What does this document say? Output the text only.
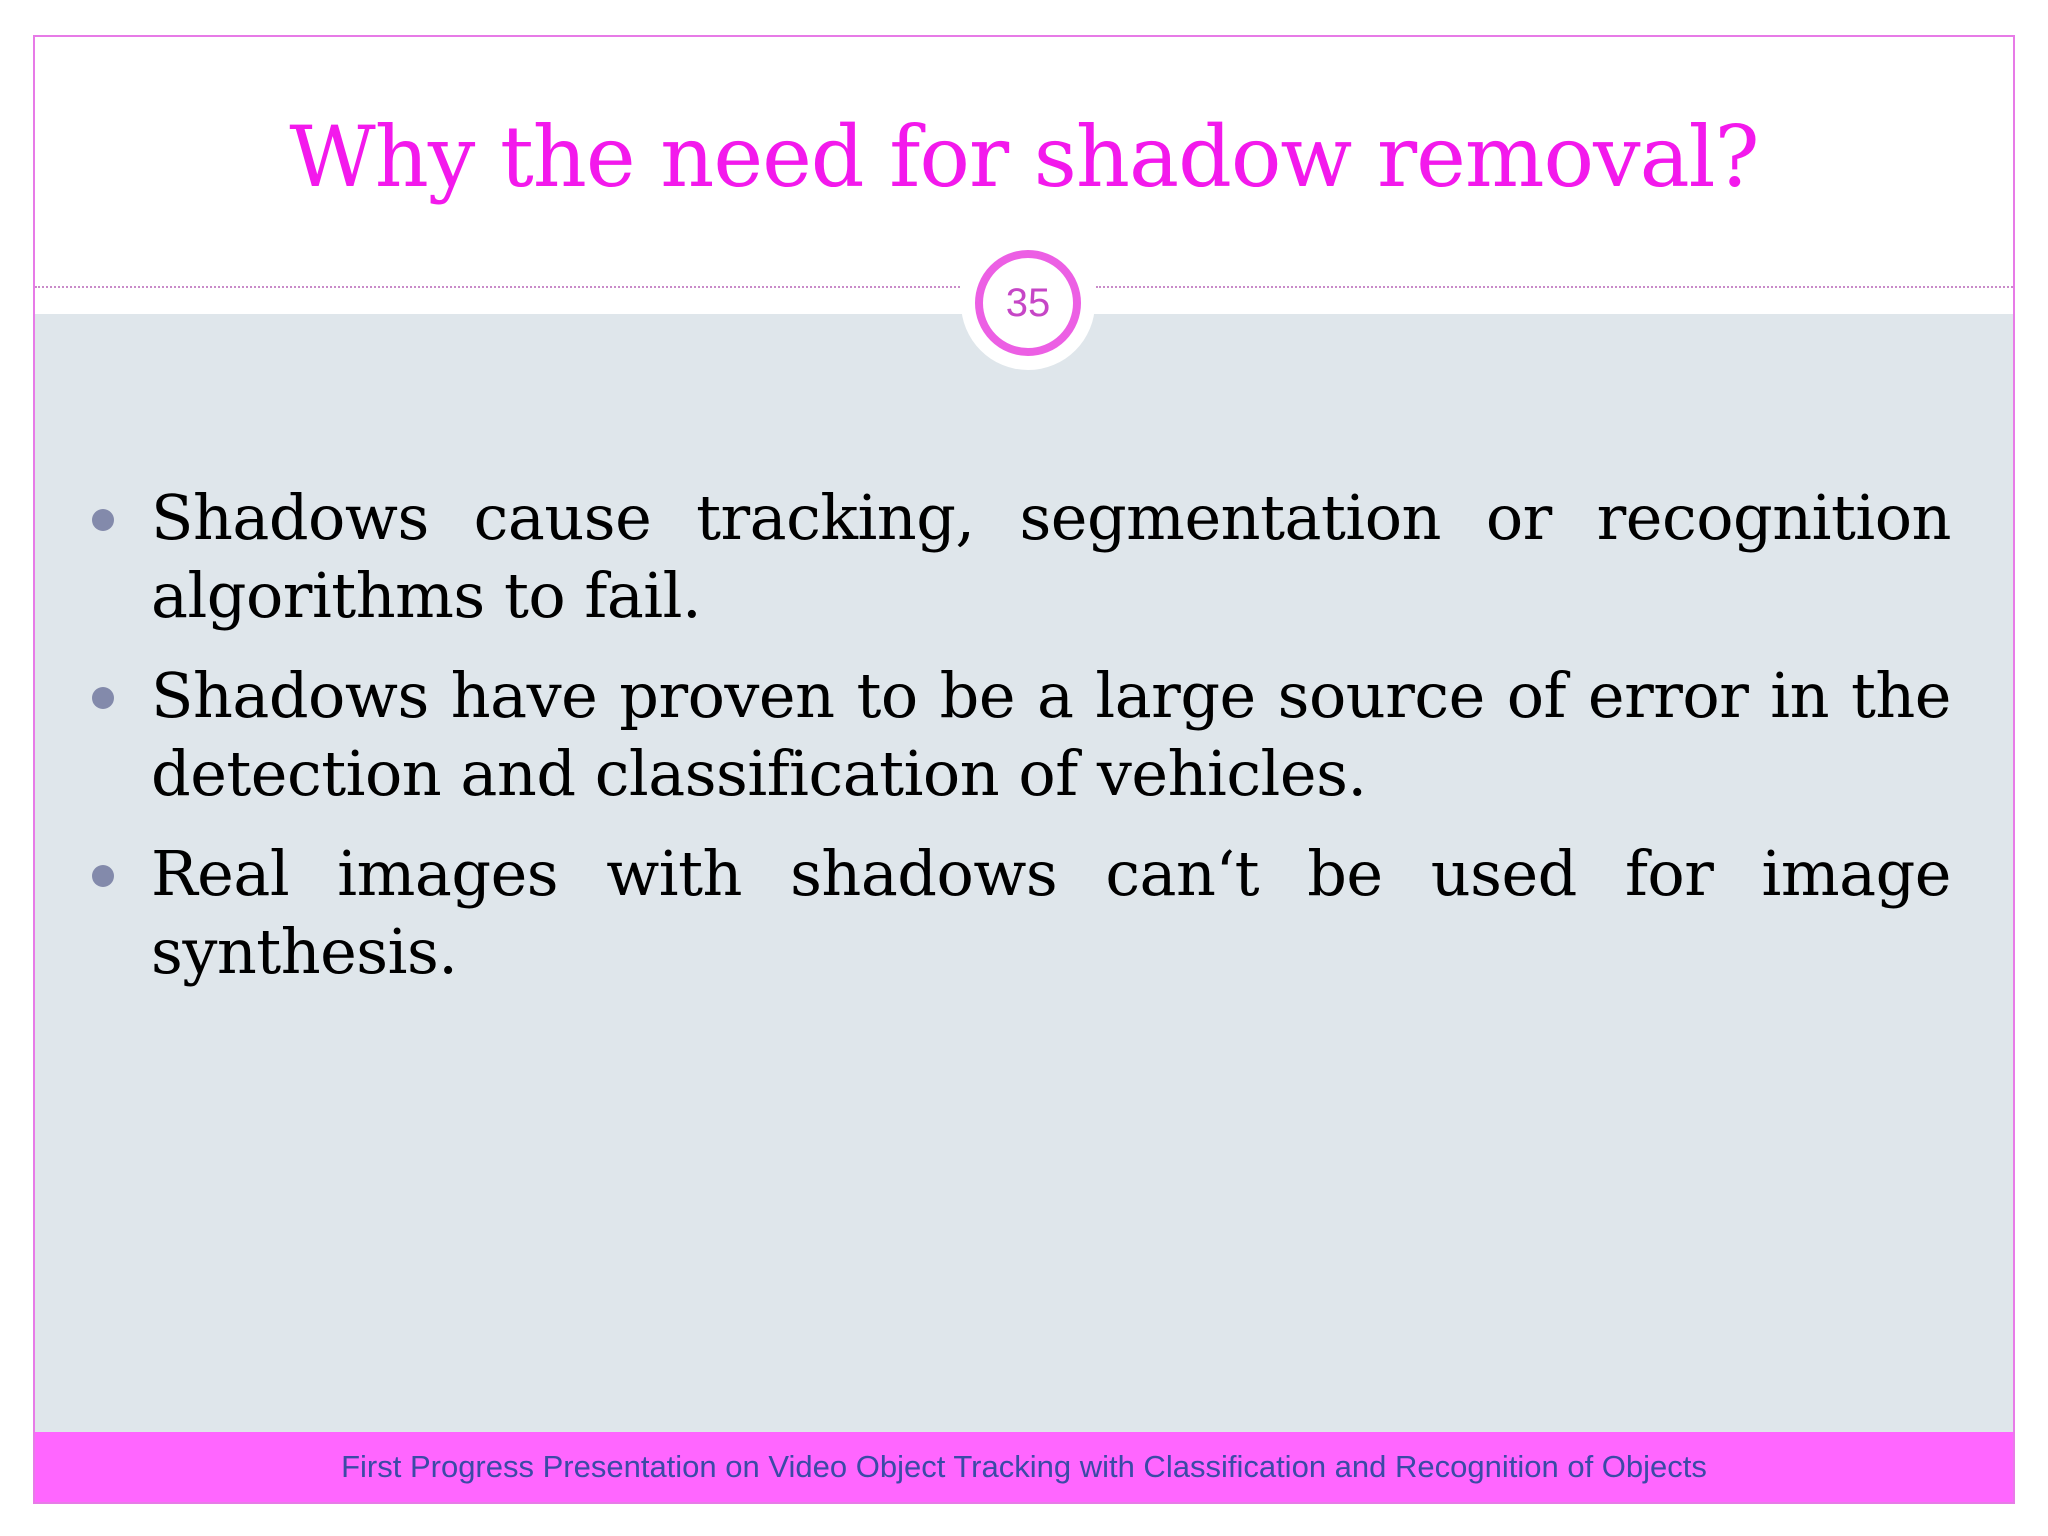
Why the need for shadow removal?
Shadows cause tracking, segmentation or recognition algorithms to fail.
Shadows have proven to be a large source of error in the detection and classification of vehicles.
Real images with shadows can‘t be used for image synthesis.
35
First Progress Presentation on Video Object Tracking with Classification and Recognition of Objects
